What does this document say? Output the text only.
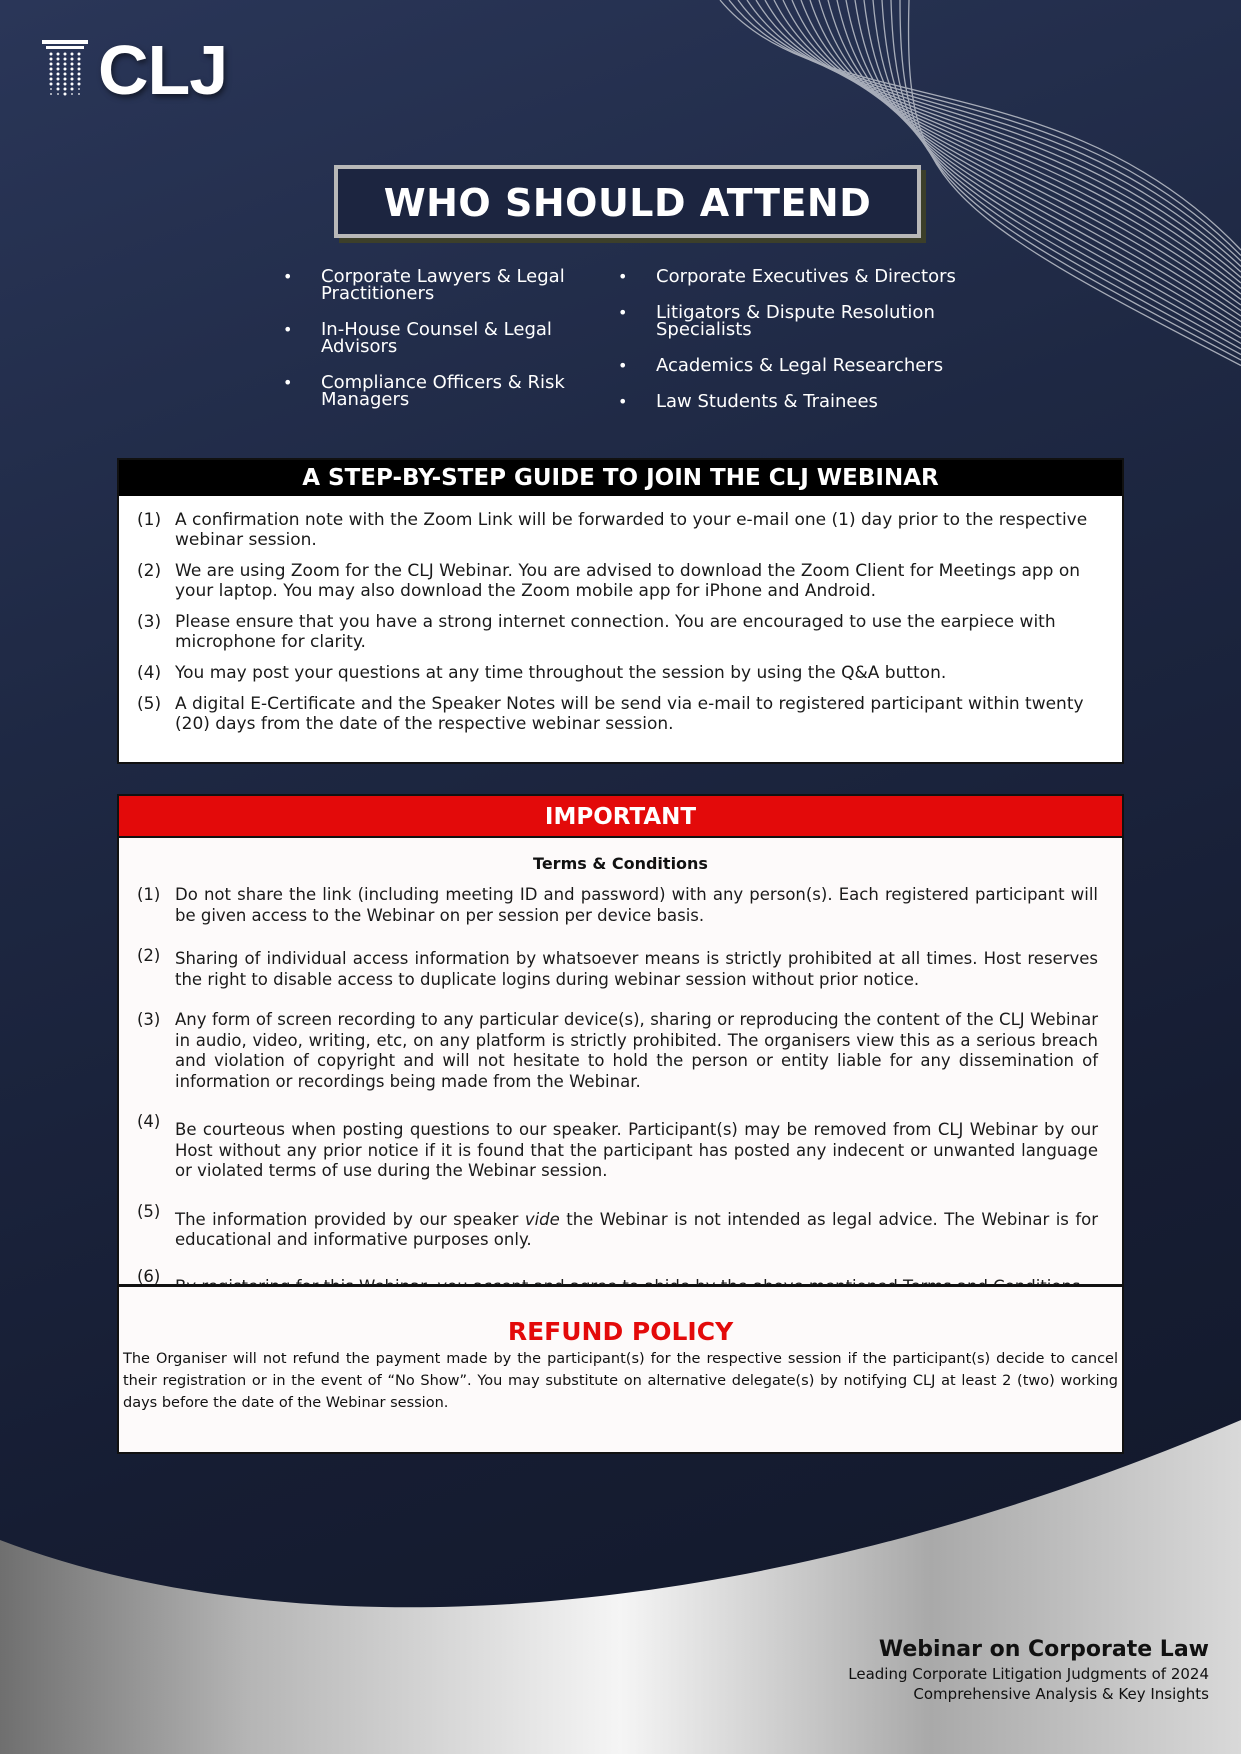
CLJ
WHO SHOULD ATTEND
• Corporate Lawyers & Legal Practitioners
• In-House Counsel & Legal Advisors
• Compliance Officers & Risk Managers
• Corporate Executives & Directors
• Litigators & Dispute Resolution Specialists
• Academics & Legal Researchers
• Law Students & Trainees
A STEP-BY-STEP GUIDE TO JOIN THE CLJ WEBINAR
(1) A confirmation note with the Zoom Link will be forwarded to your e-mail one (1) day prior to the respective webinar session.
(2) We are using Zoom for the CLJ Webinar. You are advised to download the Zoom Client for Meetings app on your laptop. You may also download the Zoom mobile app for iPhone and Android.
(3) Please ensure that you have a strong internet connection. You are encouraged to use the earpiece with microphone for clarity.
(4) You may post your questions at any time throughout the session by using the Q&A button.
(5) A digital E-Certificate and the Speaker Notes will be send via e-mail to registered participant within twenty (20) days from the date of the respective webinar session.
IMPORTANT
Terms & Conditions
(1) Do not share the link (including meeting ID and password) with any person(s). Each registered participant will be given access to the Webinar on per session per device basis.
(2) Sharing of individual access information by whatsoever means is strictly prohibited at all times. Host reserves the right to disable access to duplicate logins during webinar session without prior notice.
(3) Any form of screen recording to any particular device(s), sharing or reproducing the content of the CLJ Webinar in audio, video, writing, etc, on any platform is strictly prohibited. The organisers view this as a serious breach and violation of copyright and will not hesitate to hold the person or entity liable for any dissemination of information or recordings being made from the Webinar.
(4) Be courteous when posting questions to our speaker. Participant(s) may be removed from CLJ Webinar by our Host without any prior notice if it is found that the participant has posted any indecent or unwanted language or violated terms of use during the Webinar session.
(5) The information provided by our speaker vide the Webinar is not intended as legal advice. The Webinar is for educational and informative purposes only.
(6)
REFUND POLICY

The Organiser will not refund the payment made by the participant(s) for the respective session if the participant(s) decide to cancel their registration or in the event of “No Show”. You may substitute on alternative delegate(s) by notifying CLJ at least 2 (two) working days before the date of the Webinar session.

Webinar on Corporate Law
Leading Corporate Litigation Judgments of 2024
Comprehensive Analysis & Key Insights
